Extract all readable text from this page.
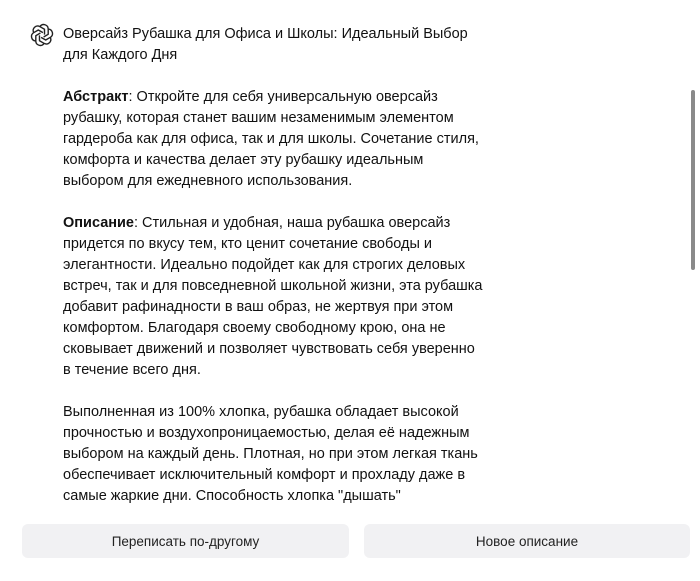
Оверсайз Рубашка для Офиса и Школы: Идеальный Выбор
для Каждого Дня

Абстракт: Откройте для себя универсальную оверсайз рубашку, которая станет вашим незаменимым элементом гардероба как для офиса, так и для школы. Сочетание стиля, комфорта и качества делает эту рубашку идеальным выбором для ежедневного использования.

Описание: Стильная и удобная, наша рубашка оверсайз придется по вкусу тем, кто ценит сочетание свободы и элегантности. Идеально подойдет как для строгих деловых встреч, так и для повседневной школьной жизни, эта рубашка добавит рафинадности в ваш образ, не жертвуя при этом комфортом. Благодаря своему свободному крою, она не сковывает движений и позволяет чувствовать себя уверенно в течение всего дня.

Выполненная из 100% хлопка, рубашка обладает высокой прочностью и воздухопроницаемостью, делая её надежным выбором на каждый день. Плотная, но при этом легкая ткань обеспечивает исключительный комфорт и прохладу даже в самые жаркие дни. Способность хлопка "дышать"

Переписать по-другому	Новое описание
